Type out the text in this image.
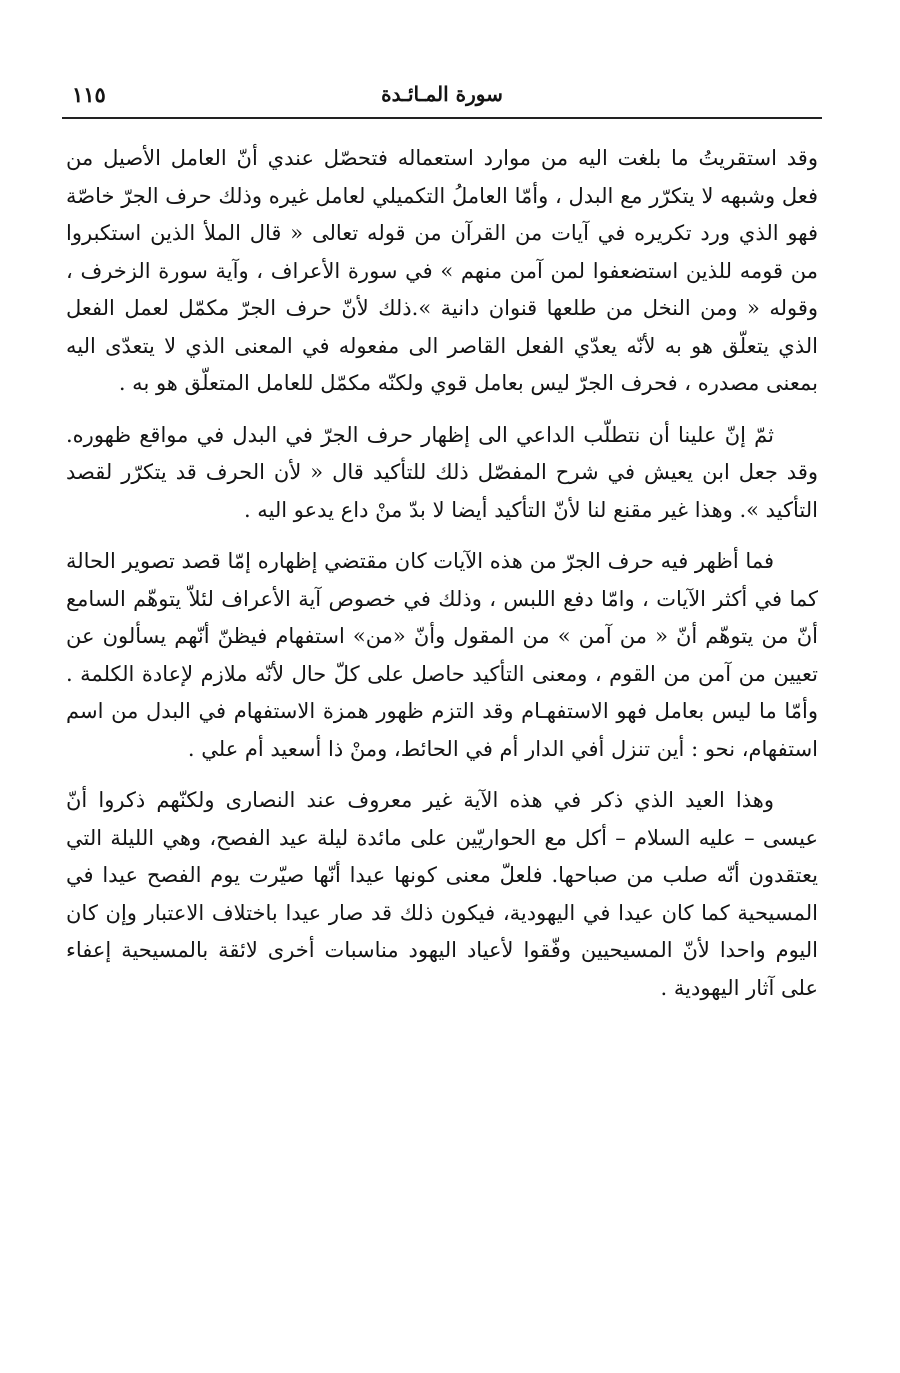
١١٥	سورة المـائـدة

وقد استقريتُ ما بلغت اليه من موارد استعماله فتحصّل عندي أنّ العامل الأصيل من فعل وشبهه لا يتكرّر مع البدل ، وأمّا العاملُ التكميلي لعامل غيره وذلك حرف الجرّ خاصّة فهو الذي ورد تكريره في آيات من القرآن من قوله تعالى « قال الملأ الذين استكبروا من قومه للذين استضعفوا لمن آمن منهم » في سورة الأعراف ، وآية سورة الزخرف ، وقوله « ومن النخل من طلعها قنوان دانية ».ذلك لأنّ حرف الجرّ مكمّل لعمل الفعل الذي يتعلّق هو به لأنّه يعدّي الفعل القاصر الى مفعوله في المعنى الذي لا يتعدّى اليه بمعنى مصدره ، فحرف الجرّ ليس بعامل قوي ولكنّه مكمّل للعامل المتعلّق هو به .

ثمّ إنّ علينا أن نتطلّب الداعي الى إظهار حرف الجرّ في البدل في مواقع ظهوره. وقد جعل ابن يعيش في شرح المفصّل ذلك للتأكيد قال « لأن الحرف قد يتكرّر لقصد التأكيد ». وهذا غير مقنع لنا لأنّ التأكيد أيضا لا بدّ منْ داع يدعو اليه .

فما أظهر فيه حرف الجرّ من هذه الآيات كان مقتضي إظهاره إمّا قصد تصوير الحالة كما في أكثر الآيات ، وامّا دفع اللبس ، وذلك في خصوص آية الأعراف لئلاّ يتوهّم السامع أنّ من يتوهّم أنّ « من آمن » من المقول وأنّ «من» استفهام فيظنّ أنّهم يسألون عن تعيين من آمن من القوم ، ومعنى التأكيد حاصل على كلّ حال لأنّه ملازم لإعادة الكلمة . وأمّا ما ليس بعامل فهو الاستفهـام وقد التزم ظهور همزة الاستفهام في البدل من اسم استفهام، نحو : أين تنزل أفي الدار أم في الحائط، ومنْ ذا أسعيد أم علي .

وهذا العيد الذي ذكر في هذه الآية غير معروف عند النصارى ولكنّهم ذكروا أنّ عيسى – عليه السلام – أكل مع الحواريّين على مائدة ليلة عيد الفصح، وهي الليلة التي يعتقدون أنّه صلب من صباحها. فلعلّ معنى كونها عيدا أنّها صيّرت يوم الفصح عيدا في المسيحية كما كان عيدا في اليهودية، فيكون ذلك قد صار عيدا باختلاف الاعتبار وإن كان اليوم واحدا لأنّ المسيحيين وفّقوا لأعياد اليهود مناسبات أخرى لائقة بالمسيحية إعفاء على آثار اليهودية .
